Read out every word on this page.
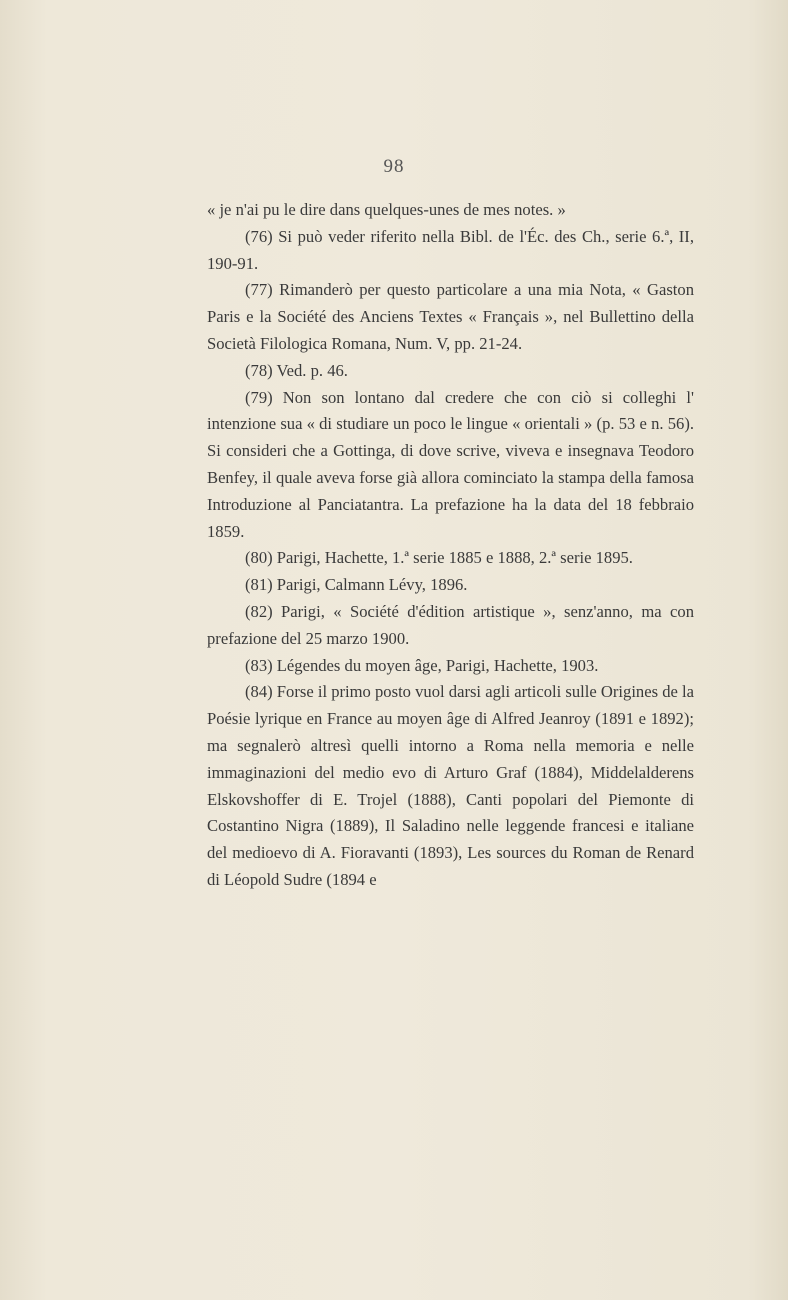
98

« je n'ai pu le dire dans quelques-unes de mes notes. »

(76) Si può veder riferito nella Bibl. de l'Éc. des Ch., serie 6.ª, II, 190-91.

(77) Rimanderò per questo particolare a una mia Nota, « Gaston Paris e la Société des Anciens Textes « Français », nel Bullettino della Società Filologica Romana, Num. V, pp. 21-24.

(78) Ved. p. 46.

(79) Non son lontano dal credere che con ciò si colleghi l' intenzione sua « di studiare un poco le lingue « orientali » (p. 53 e n. 56). Si consideri che a Gottinga, di dove scrive, viveva e insegnava Teodoro Benfey, il quale aveva forse già allora cominciato la stampa della famosa Introduzione al Panciatantra. La prefazione ha la data del 18 febbraio 1859.

(80) Parigi, Hachette, 1.ª serie 1885 e 1888, 2.ª serie 1895.

(81) Parigi, Calmann Lévy, 1896.

(82) Parigi, « Société d'édition artistique », senz'anno, ma con prefazione del 25 marzo 1900.

(83) Légendes du moyen âge, Parigi, Hachette, 1903.

(84) Forse il primo posto vuol darsi agli articoli sulle Origines de la Poésie lyrique en France au moyen âge di Alfred Jeanroy (1891 e 1892); ma segnalerò altresì quelli intorno a Roma nella memoria e nelle immaginazioni del medio evo di Arturo Graf (1884), Middelalderens Elskovshoffer di E. Trojel (1888), Canti popolari del Piemonte di Costantino Nigra (1889), Il Saladino nelle leggende francesi e italiane del medioevo di A. Fioravanti (1893), Les sources du Roman de Renard di Léopold Sudre (1894 e
